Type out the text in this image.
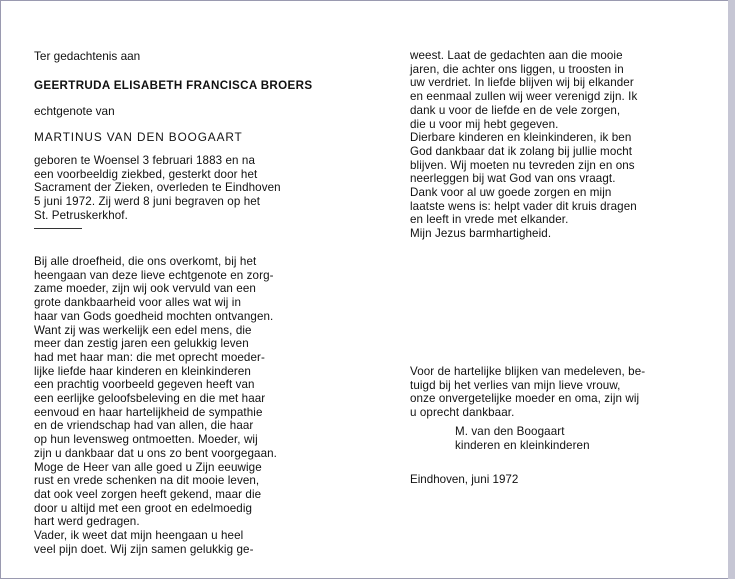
Ter gedachtenis aan

GEERTRUDA ELISABETH FRANCISCA BROERS

echtgenote van

MARTINUS VAN DEN BOOGAART

geboren te Woensel 3 februari 1883 en na

een voorbeeldig ziekbed, gesterkt door het

Sacrament der Zieken, overleden te Eindhoven

5 juni 1972. Zij werd 8 juni begraven op het

St. Petruskerkhof.

Bij alle droefheid, die ons overkomt, bij het

heengaan van deze lieve echtgenote en zorg-

zame moeder, zijn wij ook vervuld van een

grote dankbaarheid voor alles wat wij in

haar van Gods goedheid mochten ontvangen.

Want zij was werkelijk een edel mens, die

meer dan zestig jaren een gelukkig leven

had met haar man: die met oprecht moeder-

lijke liefde haar kinderen en kleinkinderen

een prachtig voorbeeld gegeven heeft van

een eerlijke geloofsbeleving en die met haar

eenvoud en haar hartelijkheid de sympathie

en de vriendschap had van allen, die haar

op hun levensweg ontmoetten. Moeder, wij

zijn u dankbaar dat u ons zo bent voorgegaan.

Moge de Heer van alle goed u Zijn eeuwige

rust en vrede schenken na dit mooie leven,

dat ook veel zorgen heeft gekend, maar die

door u altijd met een groot en edelmoedig

hart werd gedragen.

Vader, ik weet dat mijn heengaan u heel

veel pijn doet. Wij zijn samen gelukkig ge-

weest. Laat de gedachten aan die mooie

jaren, die achter ons liggen, u troosten in

uw verdriet. In liefde blijven wij bij elkander

en eenmaal zullen wij weer verenigd zijn. Ik

dank u voor de liefde en de vele zorgen,

die u voor mij hebt gegeven.

Dierbare kinderen en kleinkinderen, ik ben

God dankbaar dat ik zolang bij jullie mocht

blijven. Wij moeten nu tevreden zijn en ons

neerleggen bij wat God van ons vraagt.

Dank voor al uw goede zorgen en mijn

laatste wens is: helpt vader dit kruis dragen

en leeft in vrede met elkander.

Mijn Jezus barmhartigheid.

Voor de hartelijke blijken van medeleven, be-

tuigd bij het verlies van mijn lieve vrouw,

onze onvergetelijke moeder en oma, zijn wij

u oprecht dankbaar.

M. van den Boogaart

kinderen en kleinkinderen

Eindhoven, juni 1972
